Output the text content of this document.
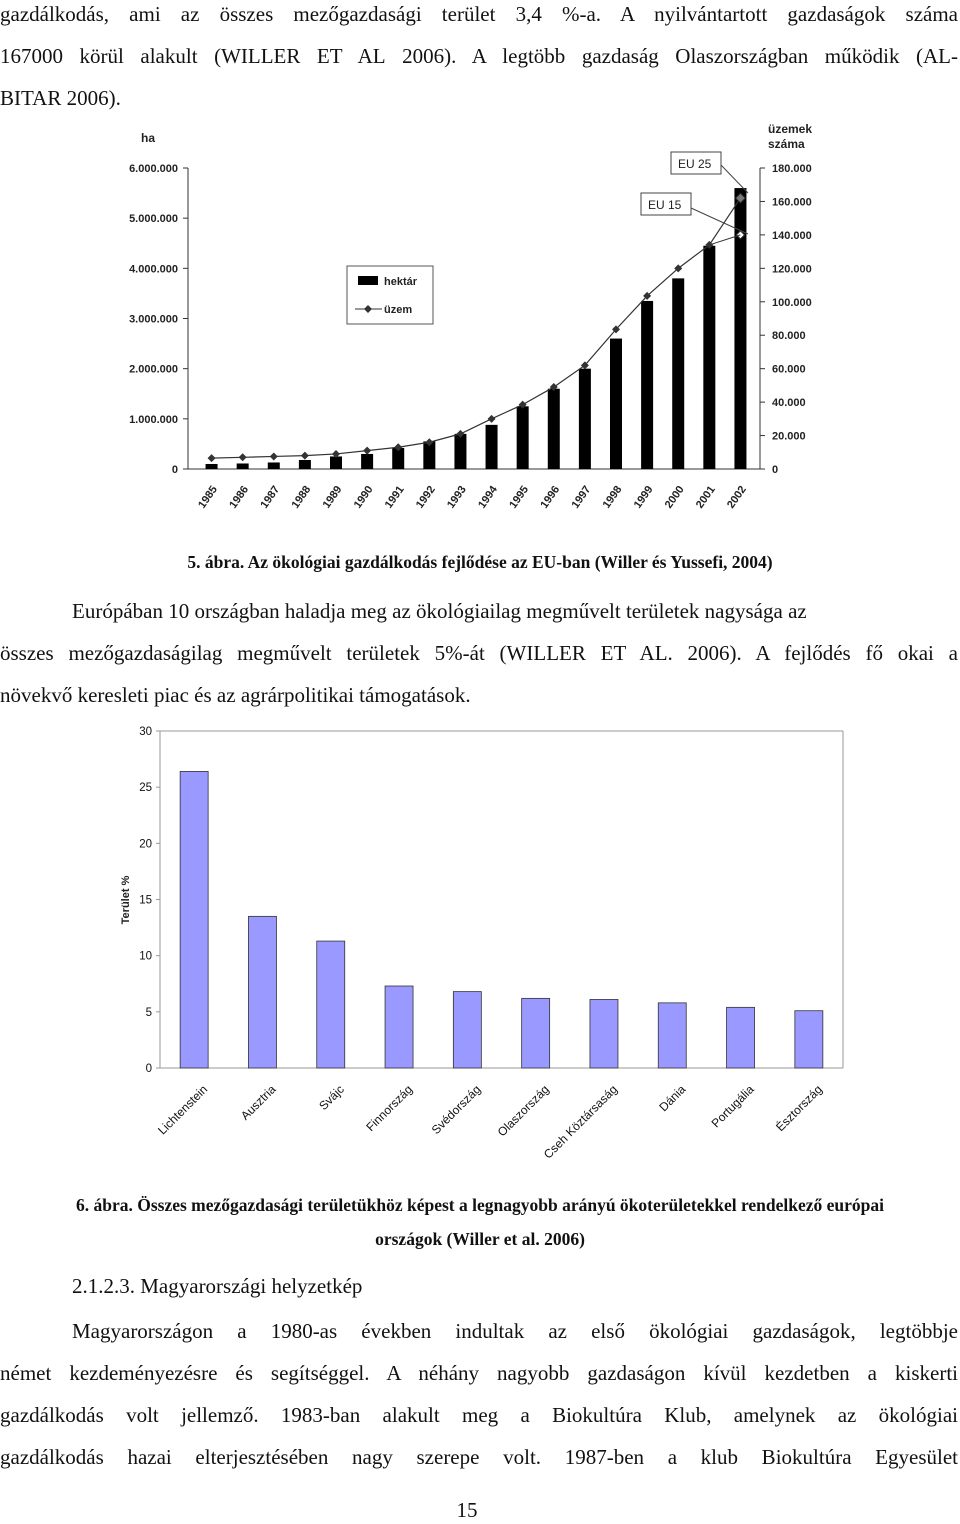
gazdálkodás, ami az összes mezőgazdasági terület 3,4 %-a. A nyilvántartott gazdaságok száma

167000 körül alakult (WILLER ET AL 2006). A legtöbb gazdaság Olaszországban működik (AL-

BITAR 2006).

ha
üzemek
száma
0
1.000.000
2.000.000
3.000.000
4.000.000
5.000.000
6.000.000
0
20.000
40.000
60.000
80.000
100.000
120.000
140.000
160.000
180.000
1985 1986 1987 1988 1989 1990 1991 1992 1993 1994 1995 1996 1997 1998 1999 2000 2001 2002
hektár
üzem
EU 25
EU 15

5. ábra. Az ökológiai gazdálkodás fejlődése az EU-ban (Willer és Yussefi, 2004)

Európában 10 országban haladja meg az ökológiailag megművelt területek nagysága az

összes mezőgazdaságilag megművelt területek 5%-át (WILLER ET AL. 2006). A fejlődés fő okai a

növekvő keresleti piac és az agrárpolitikai támogatások.

0
5
10
15
20
25
30
Terület %
Lichtenstein Ausztria	Svájc Finnország Svédország Olaszország
Cseh Köztársaság	Dánia Portugália Észtország

6. ábra. Összes mezőgazdasági területükhöz képest a legnagyobb arányú ökoterületekkel rendelkező európai

országok (Willer et al. 2006)

2.1.2.3. Magyarországi helyzetkép

Magyarországon a 1980-as években indultak az első ökológiai gazdaságok, legtöbbje

német kezdeményezésre és segítséggel. A néhány nagyobb gazdaságon kívül kezdetben a kiskerti

gazdálkodás volt jellemző. 1983-ban alakult meg a Biokultúra Klub, amelynek az ökológiai

gazdálkodás hazai elterjesztésében nagy szerepe volt. 1987-ben a klub Biokultúra Egyesület

15
